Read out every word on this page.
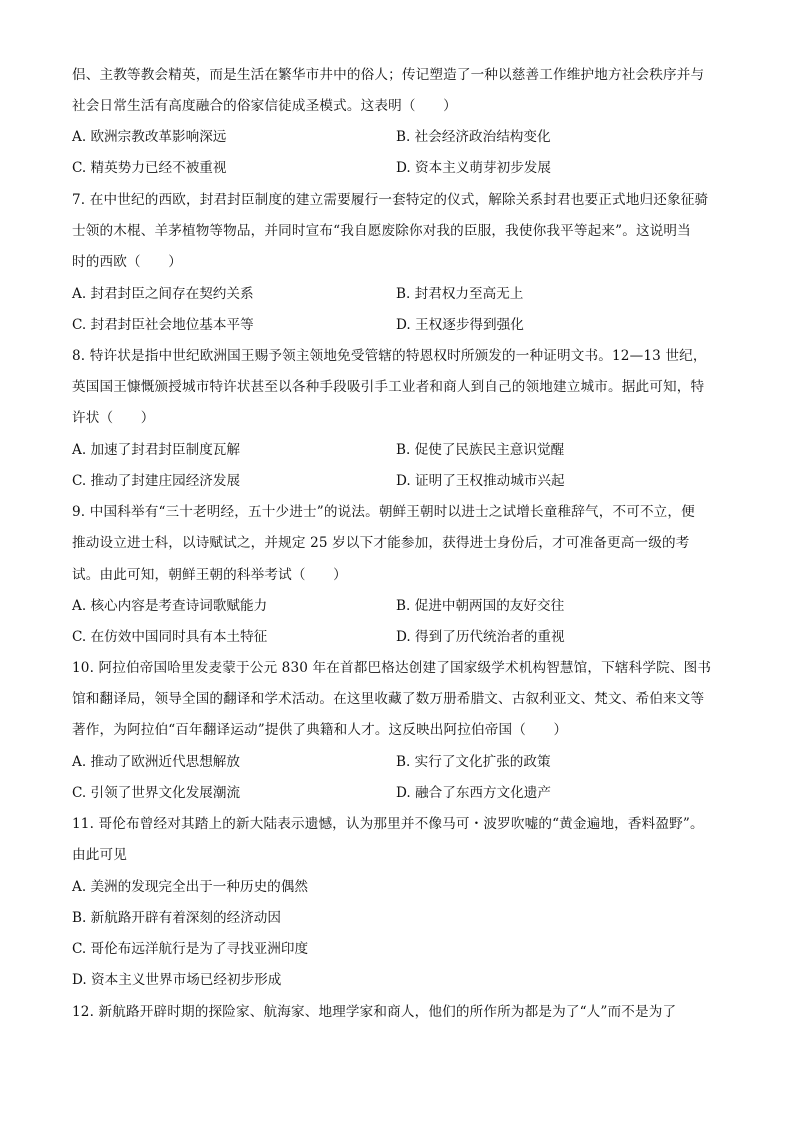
侣、主教等教会精英，而是生活在繁华市井中的俗人；传记塑造了一种以慈善工作维护地方社会秩序并与
社会日常生活有高度融合的俗家信徒成圣模式。这表明（　　）
A. 欧洲宗教改革影响深远	B. 社会经济政治结构变化
C. 精英势力已经不被重视	D. 资本主义萌芽初步发展
7. 在中世纪的西欧，封君封臣制度的建立需要履行一套特定的仪式，解除关系封君也要正式地归还象征骑
士领的木棍、羊茅植物等物品，并同时宣布“我自愿废除你对我的臣服，我使你我平等起来”。这说明当
时的西欧（　　）
A. 封君封臣之间存在契约关系	B. 封君权力至高无上
C. 封君封臣社会地位基本平等	D. 王权逐步得到强化
8. 特许状是指中世纪欧洲国王赐予领主领地免受管辖的特恩权时所颁发的一种证明文书。12—13 世纪，
英国国王慷慨颁授城市特许状甚至以各种手段吸引手工业者和商人到自己的领地建立城市。据此可知，特
许状（　　）
A. 加速了封君封臣制度瓦解	B. 促使了民族民主意识觉醒
C. 推动了封建庄园经济发展	D. 证明了王权推动城市兴起
9. 中国科举有“三十老明经，五十少进士”的说法。朝鲜王朝时以进士之试增长童稚辞气，不可不立，便
推动设立进士科，以诗赋试之，并规定 25 岁以下才能参加，获得进士身份后，才可准备更高一级的考
试。由此可知，朝鲜王朝的科举考试（　　）
A. 核心内容是考查诗词歌赋能力	B. 促进中朝两国的友好交往
C. 在仿效中国同时具有本土特征	D. 得到了历代统治者的重视
10. 阿拉伯帝国哈里发麦蒙于公元 830 年在首都巴格达创建了国家级学术机构智慧馆，下辖科学院、图书
馆和翻译局，领导全国的翻译和学术活动。在这里收藏了数万册希腊文、古叙利亚文、梵文、希伯来文等
著作，为阿拉伯“百年翻译运动”提供了典籍和人才。这反映出阿拉伯帝国（　　）
A. 推动了欧洲近代思想解放	B. 实行了文化扩张的政策
C. 引领了世界文化发展潮流	D. 融合了东西方文化遗产
11. 哥伦布曾经对其踏上的新大陆表示遗憾，认为那里并不像马可・波罗吹嘘的“黄金遍地，香料盈野”。
由此可见
A. 美洲的发现完全出于一种历史的偶然
B. 新航路开辟有着深刻的经济动因
C. 哥伦布远洋航行是为了寻找亚洲印度
D. 资本主义世界市场已经初步形成
12. 新航路开辟时期的探险家、航海家、地理学家和商人，他们的所作所为都是为了“人”而不是为了
